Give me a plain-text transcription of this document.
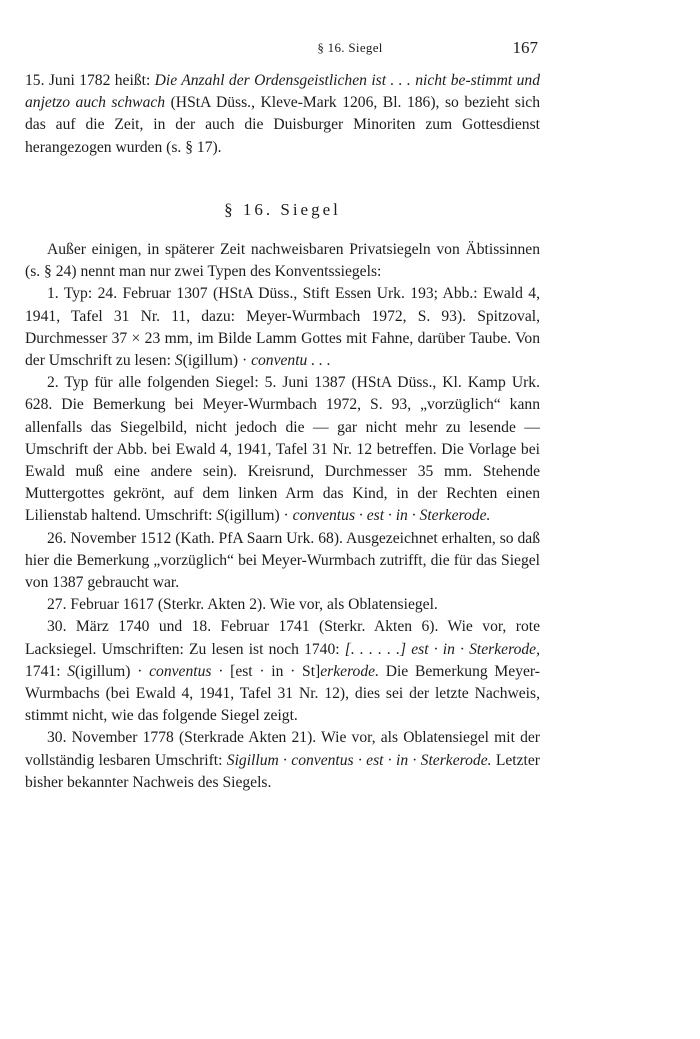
§ 16. Siegel	167

15. Juni 1782 heißt: Die Anzahl der Ordensgeistlichen ist . . . nicht be-stimmt und anjetzo auch schwach (HStA Düss., Kleve-Mark 1206, Bl. 186), so bezieht sich das auf die Zeit, in der auch die Duisburger Minoriten zum Gottesdienst herangezogen wurden (s. § 17).

§ 16. Siegel

Außer einigen, in späterer Zeit nachweisbaren Privatsiegeln von Äbtissinnen (s. § 24) nennt man nur zwei Typen des Konventssiegels:

1. Typ: 24. Februar 1307 (HStA Düss., Stift Essen Urk. 193; Abb.: Ewald 4, 1941, Tafel 31 Nr. 11, dazu: Meyer-Wurmbach 1972, S. 93). Spitzoval, Durchmesser 37 × 23 mm, im Bilde Lamm Gottes mit Fahne, darüber Taube. Von der Umschrift zu lesen: S(igillum) · conventu . . .

2. Typ für alle folgenden Siegel: 5. Juni 1387 (HStA Düss., Kl. Kamp Urk. 628. Die Bemerkung bei Meyer-Wurmbach 1972, S. 93, „vorzüglich“ kann allenfalls das Siegelbild, nicht jedoch die — gar nicht mehr zu lesende — Umschrift der Abb. bei Ewald 4, 1941, Tafel 31 Nr. 12 betreffen. Die Vorlage bei Ewald muß eine andere sein). Kreisrund, Durchmesser 35 mm. Stehende Muttergottes gekrönt, auf dem linken Arm das Kind, in der Rechten einen Lilienstab haltend. Umschrift: S(igillum) · conventus · est · in · Sterkerode.

26. November 1512 (Kath. PfA Saarn Urk. 68). Ausgezeichnet erhalten, so daß hier die Bemerkung „vorzüglich“ bei Meyer-Wurmbach zutrifft, die für das Siegel von 1387 gebraucht war.

27. Februar 1617 (Sterkr. Akten 2). Wie vor, als Oblatensiegel.

30. März 1740 und 18. Februar 1741 (Sterkr. Akten 6). Wie vor, rote Lacksiegel. Umschriften: Zu lesen ist noch 1740: [. . . . . .] est · in · Sterkerode, 1741: S(igillum) · conventus · [est · in · St]erkerode. Die Bemerkung Meyer-Wurmbachs (bei Ewald 4, 1941, Tafel 31 Nr. 12), dies sei der letzte Nachweis, stimmt nicht, wie das folgende Siegel zeigt.

30. November 1778 (Sterkrade Akten 21). Wie vor, als Oblatensiegel mit der vollständig lesbaren Umschrift: Sigillum · conventus · est · in · Sterkerode. Letzter bisher bekannter Nachweis des Siegels.
